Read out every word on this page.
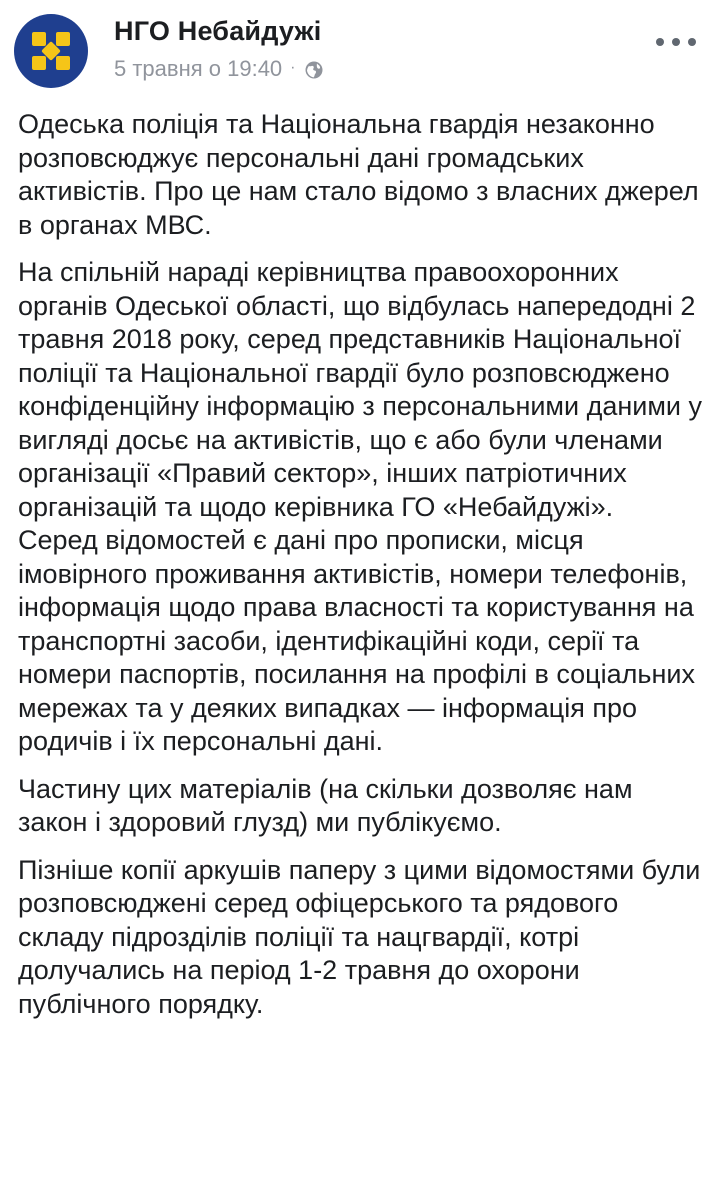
НГО Небайдужі
5 травня о 19:40 ·

Одеська поліція та Національна гвардія незаконно розповсюджує персональні дані громадських активістів. Про це нам стало відомо з власних джерел в органах МВС.

На спільній нараді керівництва правоохоронних органів Одеської області, що відбулась напередодні 2 травня 2018 року, серед представників Національної поліції та Національної гвардії було розповсюджено конфіденційну інформацію з персональними даними у вигляді досьє на активістів, що є або були членами організації «Правий сектор», інших патріотичних організацій та щодо керівника ГО «Небайдужі».

Серед відомостей є дані про прописки, місця імовірного проживання активістів, номери телефонів, інформація щодо права власності та користування на транспортні засоби, ідентифікаційні коди, серії та номери паспортів, посилання на профілі в соціальних мережах та у деяких випадках — інформація про родичів і їх персональні дані.

Частину цих матеріалів (на скільки дозволяє нам закон і здоровий глузд) ми публікуємо.

Пізніше копії аркушів паперу з цими відомостями були розповсюджені серед офіцерського та рядового складу підрозділів поліції та нацгвардії, котрі долучались на період 1-2 травня до охорони публічного порядку.
